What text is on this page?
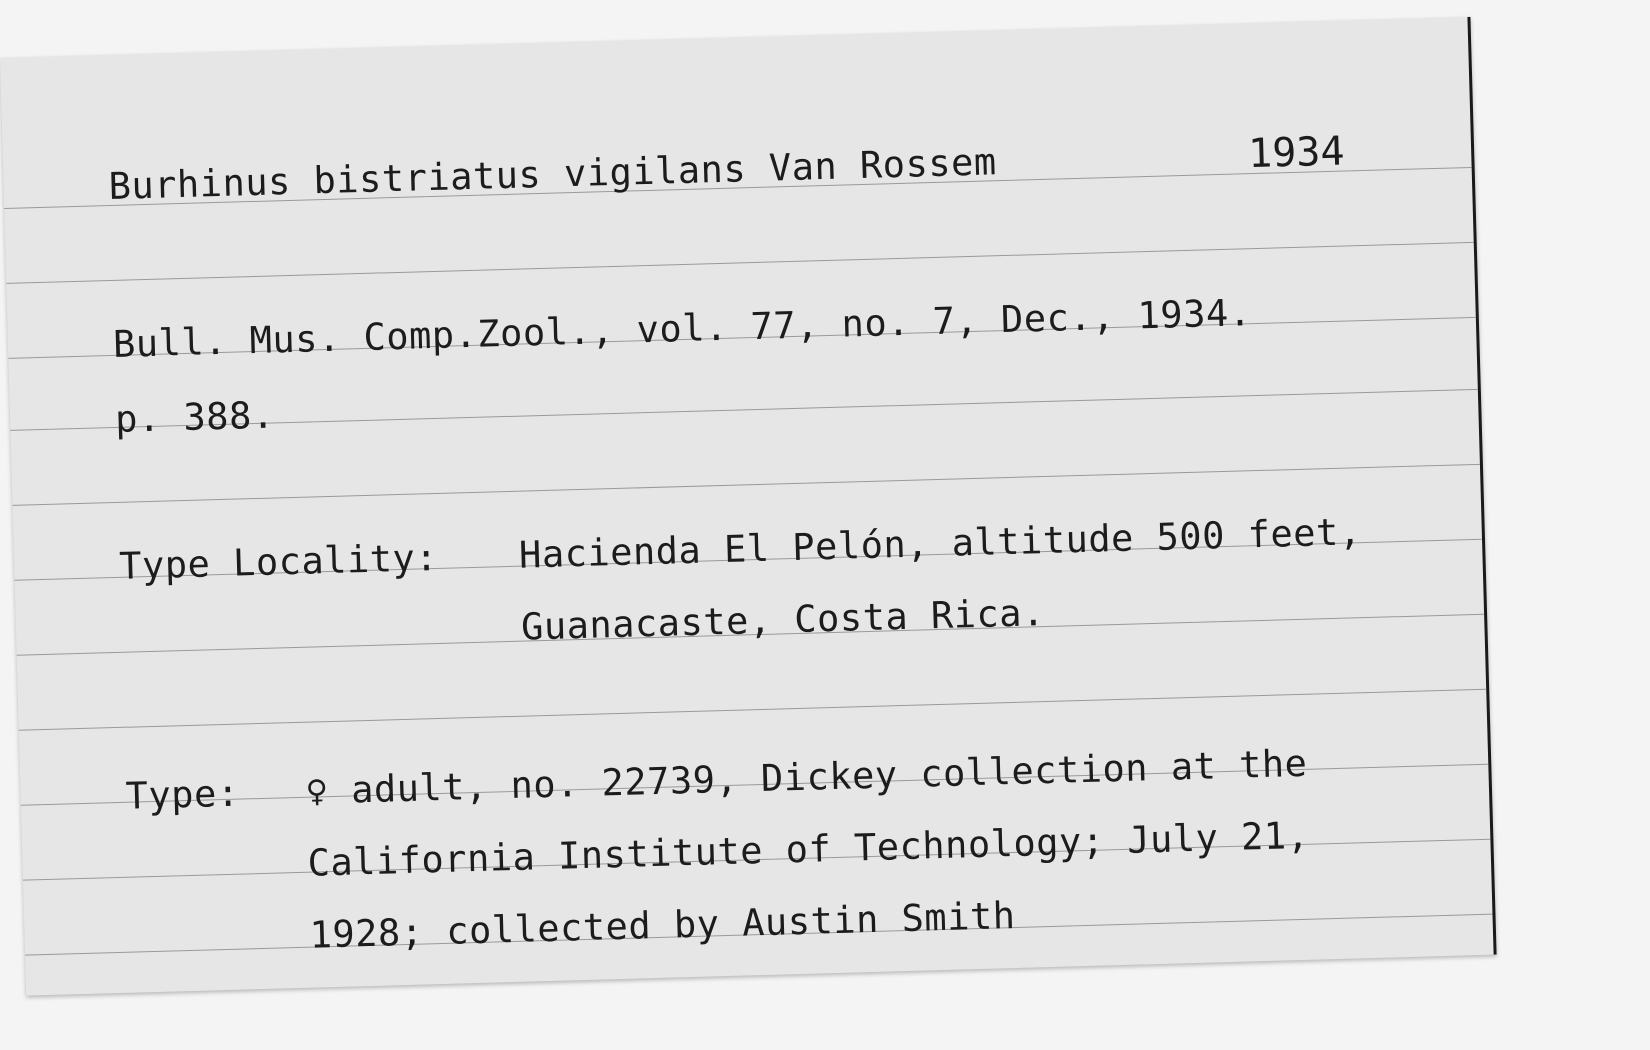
Burhinus bistriatus vigilans Van Rossem	1934
Bull. Mus. Comp.Zool., vol. 77, no. 7, Dec., 1934.
p. 388.
Type Locality: Hacienda El Pelón, altitude 500 feet,
Guanacaste, Costa Rica.
Type: ♀ adult, no. 22739, Dickey collection at the
California Institute of Technology; July 21,
1928; collected by Austin Smith
